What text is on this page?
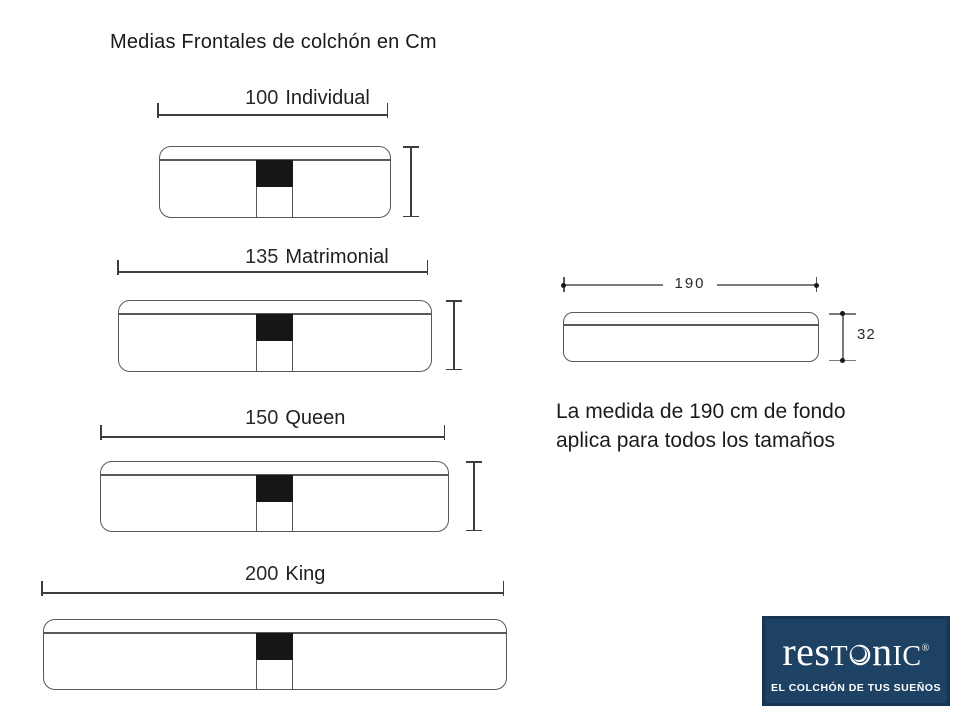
Medias Frontales de colchón en Cm
100 Individual
135 Matrimonial
150 Queen
200 King
190
32
La medida de 190 cm de fondo
aplica para todos los tamaños
resT nIC®
EL COLCHÓN DE TUS SUEÑOS
